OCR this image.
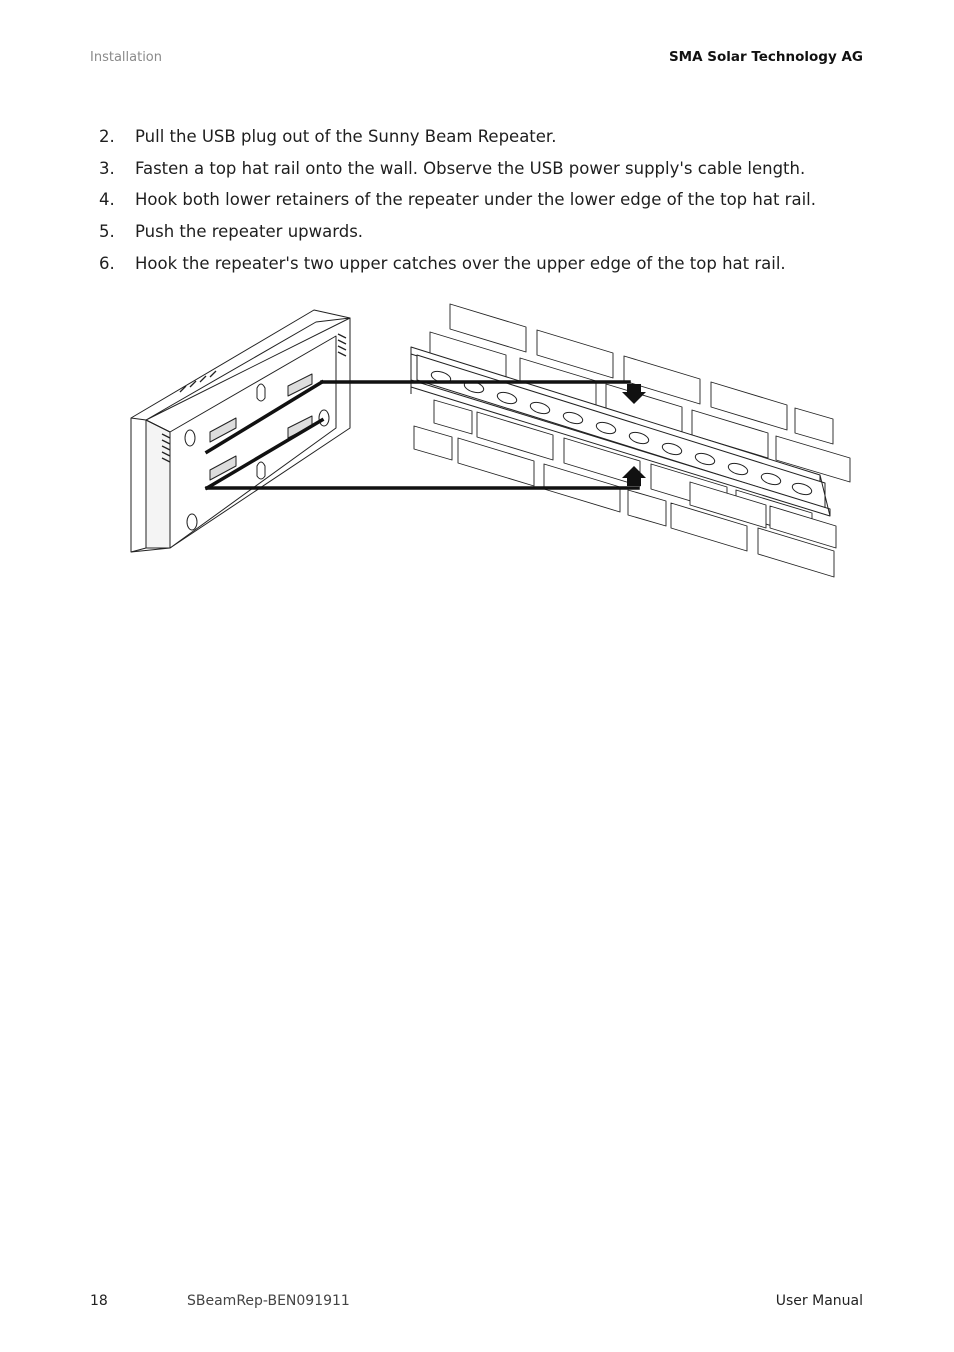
Installation	SMA Solar Technology AG
2.	Pull the USB plug out of the Sunny Beam Repeater.
3.	Fasten a top hat rail onto the wall. Observe the USB power supply's cable length.
4.	Hook both lower retainers of the repeater under the lower edge of the top hat rail.
5.	Push the repeater upwards.
6.	Hook the repeater's two upper catches over the upper edge of the top hat rail.
18	SBeamRep-BEN091911	User Manual
